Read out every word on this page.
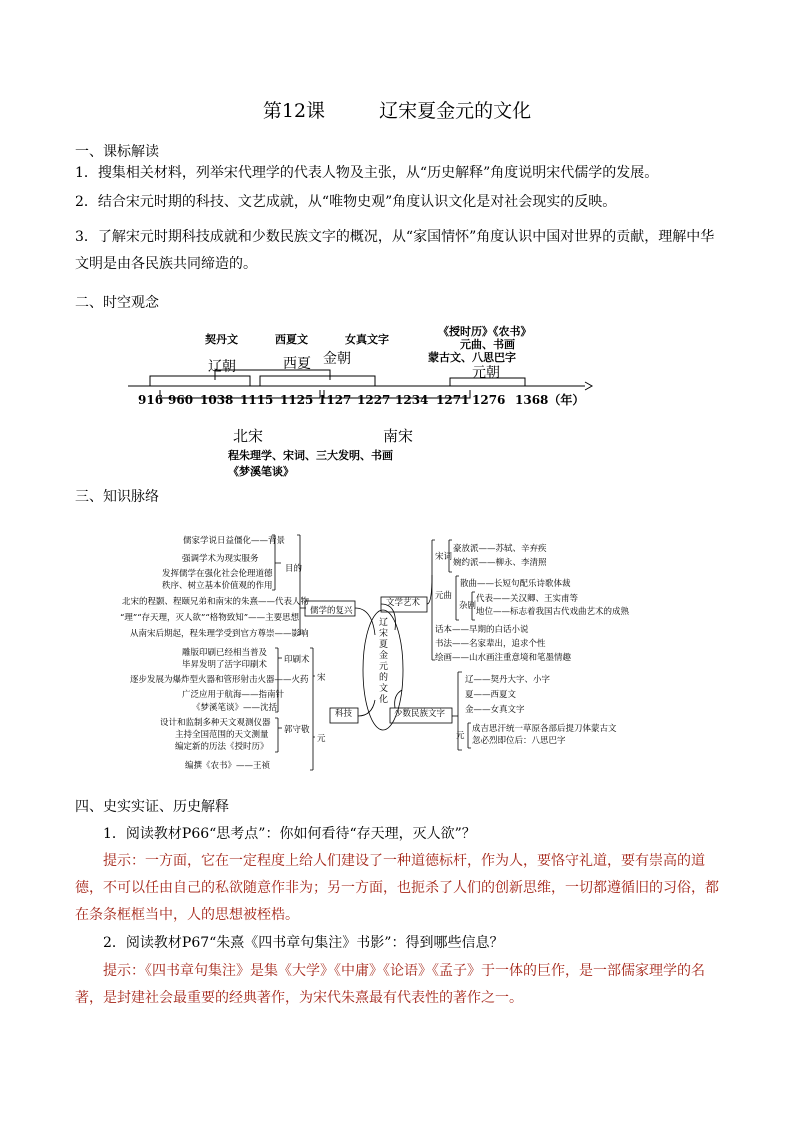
第12课	辽宋夏金元的文化
一、课标解读
1．搜集相关材料，列举宋代理学的代表人物及主张，从“历史解释”角度说明宋代儒学的发展。
2．结合宋元时期的科技、文艺成就，从“唯物史观”角度认识文化是对社会现实的反映。
3．了解宋元时期科技成就和少数民族文字的概况，从“家国情怀”角度认识中国对世界的贡献，理解中华文明是由各民族共同缔造的。
二、时空观念
契丹文	西夏文	女真文字
《授时历》《农书》
元曲、书画
蒙古文、八思巴字
辽朝	西夏 金朝
元朝
916 960 1038 1115 1125 1127 1227 1234 1271 1276 1368（年）
北宋	南宋
程朱理学、宋词、三大发明、书画
《梦溪笔谈》
三、知识脉络
儒家学说日益僵化——背景
强调学术为现实服务
发挥儒学在强化社会伦理道德
秩序、树立基本价值观的作用
北宋的程颢、程颐兄弟和南宋的朱熹——代表人物
“理”“存天理，灭人欲”“格物致知”——主要思想
从南宋后期起，程朱理学受到官方尊崇——影响
目的
儒学的复兴
雕版印刷已经相当普及
毕昇发明了活字印刷术
逐步发展为爆炸型火器和管形射击火器——火药
广泛应用于航海——指南针
《梦溪笔谈》——沈括
设计和监制多种天文观测仪器
主持全国范围的天文测量
编定新的历法《授时历》
编撰《农书》——王祯
印刷术
宋
郭守敬
元
科技
豪放派——苏轼、辛弃疾
婉约派——柳永、李清照
散曲——长短句配乐诗歌体裁
代表——关汉卿、王实甫等
地位——标志着我国古代戏曲艺术的成熟
话本——早期的白话小说
书法——名家辈出，追求个性
绘画——山水画注重意境和笔墨情趣
宋词
元曲
杂剧
文学艺术
辽——契丹大字、小字
夏——西夏文
金——女真文字
成吉思汗统一草原各部后提刀体蒙古文
忽必烈即位后：八思巴字
元
少数民族文字
辽宋夏金元的文化
四、史实实证、历史解释
1．阅读教材P66“思考点”：你如何看待“存天理，灭人欲”？
提示：一方面，它在一定程度上给人们建设了一种道德标杆，作为人，要恪守礼道，要有崇高的道德，不可以任由自己的私欲随意作非为；另一方面，也扼杀了人们的创新思维，一切都遵循旧的习俗，都在条条框框当中，人的思想被桎梏。
2．阅读教材P67“朱熹《四书章句集注》书影”：得到哪些信息？
提示：《四书章句集注》是集《大学》《中庸》《论语》《孟子》于一体的巨作，是一部儒家理学的名著，是封建社会最重要的经典著作，为宋代朱熹最有代表性的著作之一。
